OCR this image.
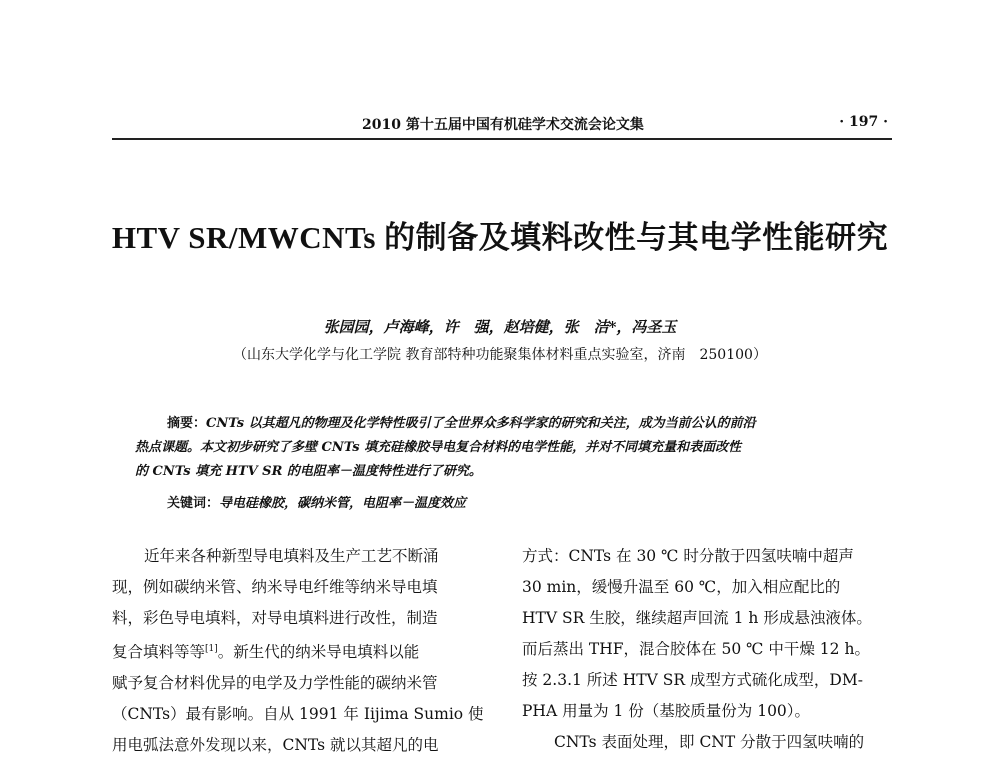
2010 第十五届中国有机硅学术交流会论文集	· 197 ·
HTV SR/MWCNTs 的制备及填料改性与其电学性能研究
张园园，卢海峰，许　强，赵培健，张　洁*，冯圣玉
（山东大学化学与化工学院 教育部特种功能聚集体材料重点实验室，济南　250100）
摘要：CNTs 以其超凡的物理及化学特性吸引了全世界众多科学家的研究和关注，成为当前公认的前沿
热点课题。本文初步研究了多壁 CNTs 填充硅橡胶导电复合材料的电学性能，并对不同填充量和表面改性
的 CNTs 填充 HTV SR 的电阻率－温度特性进行了研究。
关键词：导电硅橡胶，碳纳米管，电阻率－温度效应
近年来各种新型导电填料及生产工艺不断涌
现，例如碳纳米管、纳米导电纤维等纳米导电填
料，彩色导电填料，对导电填料进行改性，制造
复合填料等等[1]。新生代的纳米导电填料以能
赋予复合材料优异的电学及力学性能的碳纳米管
（CNTs）最有影响。自从 1991 年 Iijima Sumio 使
用电弧法意外发现以来，CNTs 就以其超凡的电
方式：CNTs 在 30 ℃ 时分散于四氢呋喃中超声
30 min，缓慢升温至 60 ℃，加入相应配比的
HTV SR 生胶，继续超声回流 1 h 形成悬浊液体。
而后蒸出 THF，混合胶体在 50 ℃ 中干燥 12 h。
按 2.3.1 所述 HTV SR 成型方式硫化成型，DM-
PHA 用量为 1 份（基胶质量份为 100）。
CNTs 表面处理，即 CNT 分散于四氢呋喃的
